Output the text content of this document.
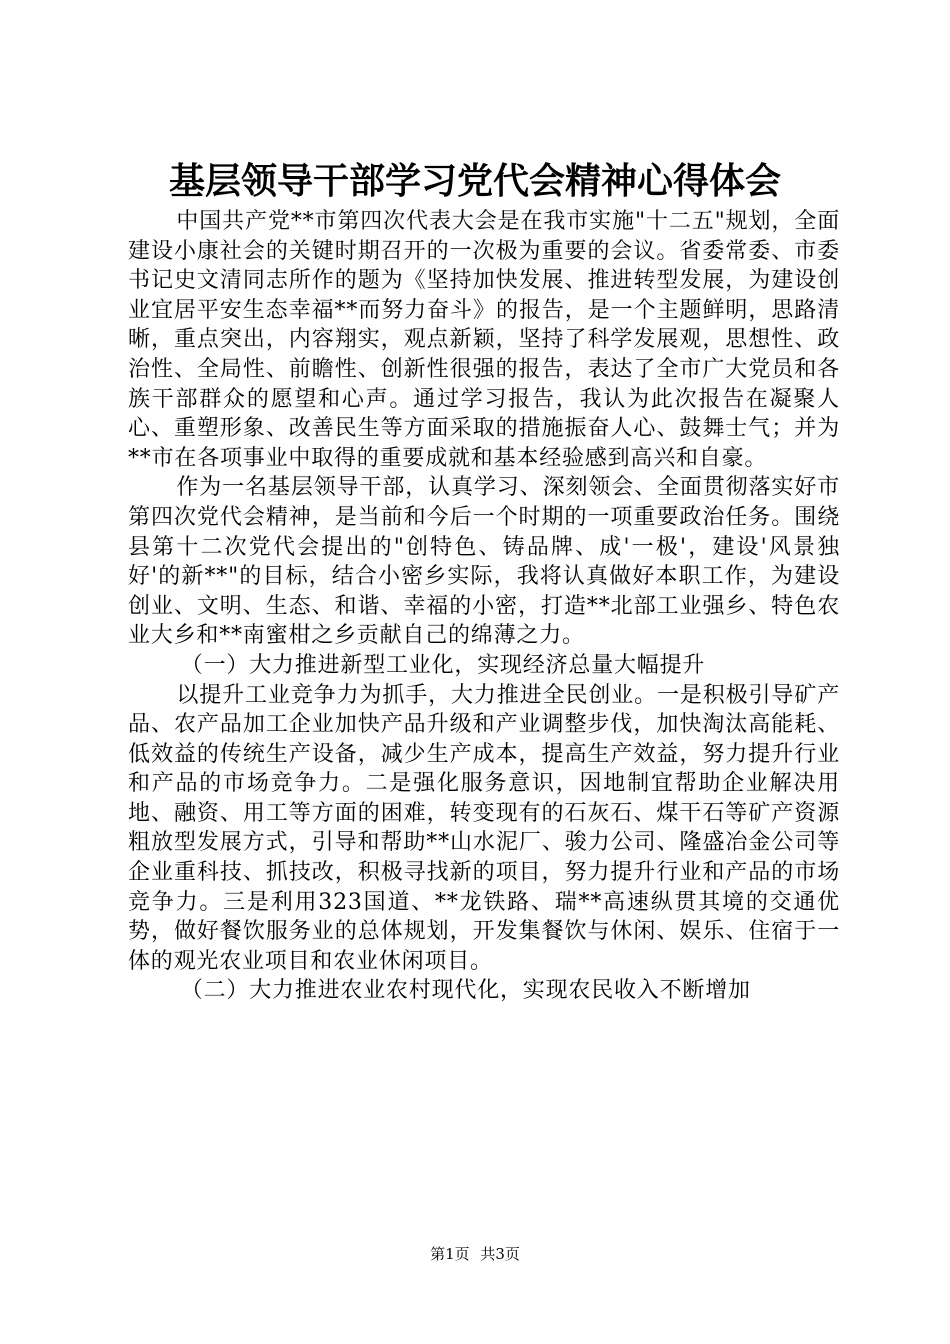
基层领导干部学习党代会精神心得体会

中国共产党**市第四次代表大会是在我市实施"十二五"规划，全面建设小康社会的关键时期召开的一次极为重要的会议。省委常委、市委书记史文清同志所作的题为《坚持加快发展、推进转型发展，为建设创业宜居平安生态幸福**而努力奋斗》的报告，是一个主题鲜明，思路清晰，重点突出，内容翔实，观点新颖，坚持了科学发展观，思想性、政治性、全局性、前瞻性、创新性很强的报告，表达了全市广大党员和各族干部群众的愿望和心声。通过学习报告，我认为此次报告在凝聚人心、重塑形象、改善民生等方面采取的措施振奋人心、鼓舞士气；并为**市在各项事业中取得的重要成就和基本经验感到高兴和自豪。

作为一名基层领导干部，认真学习、深刻领会、全面贯彻落实好市第四次党代会精神，是当前和今后一个时期的一项重要政治任务。围绕县第十二次党代会提出的"创特色、铸品牌、成'一极'，建设'风景独好'的新**"的目标，结合小密乡实际，我将认真做好本职工作，为建设创业、文明、生态、和谐、幸福的小密，打造**北部工业强乡、特色农业大乡和**南蜜柑之乡贡献自己的绵薄之力。

（一）大力推进新型工业化，实现经济总量大幅提升

以提升工业竞争力为抓手，大力推进全民创业。一是积极引导矿产品、农产品加工企业加快产品升级和产业调整步伐，加快淘汰高能耗、低效益的传统生产设备，减少生产成本，提高生产效益，努力提升行业和产品的市场竞争力。二是强化服务意识，因地制宜帮助企业解决用地、融资、用工等方面的困难，转变现有的石灰石、煤干石等矿产资源粗放型发展方式，引导和帮助**山水泥厂、骏力公司、隆盛冶金公司等企业重科技、抓技改，积极寻找新的项目，努力提升行业和产品的市场竞争力。三是利用323国道、**龙铁路、瑞**高速纵贯其境的交通优势，做好餐饮服务业的总体规划，开发集餐饮与休闲、娱乐、住宿于一体的观光农业项目和农业休闲项目。

（二）大力推进农业农村现代化，实现农民收入不断增加

第1页 共3页
